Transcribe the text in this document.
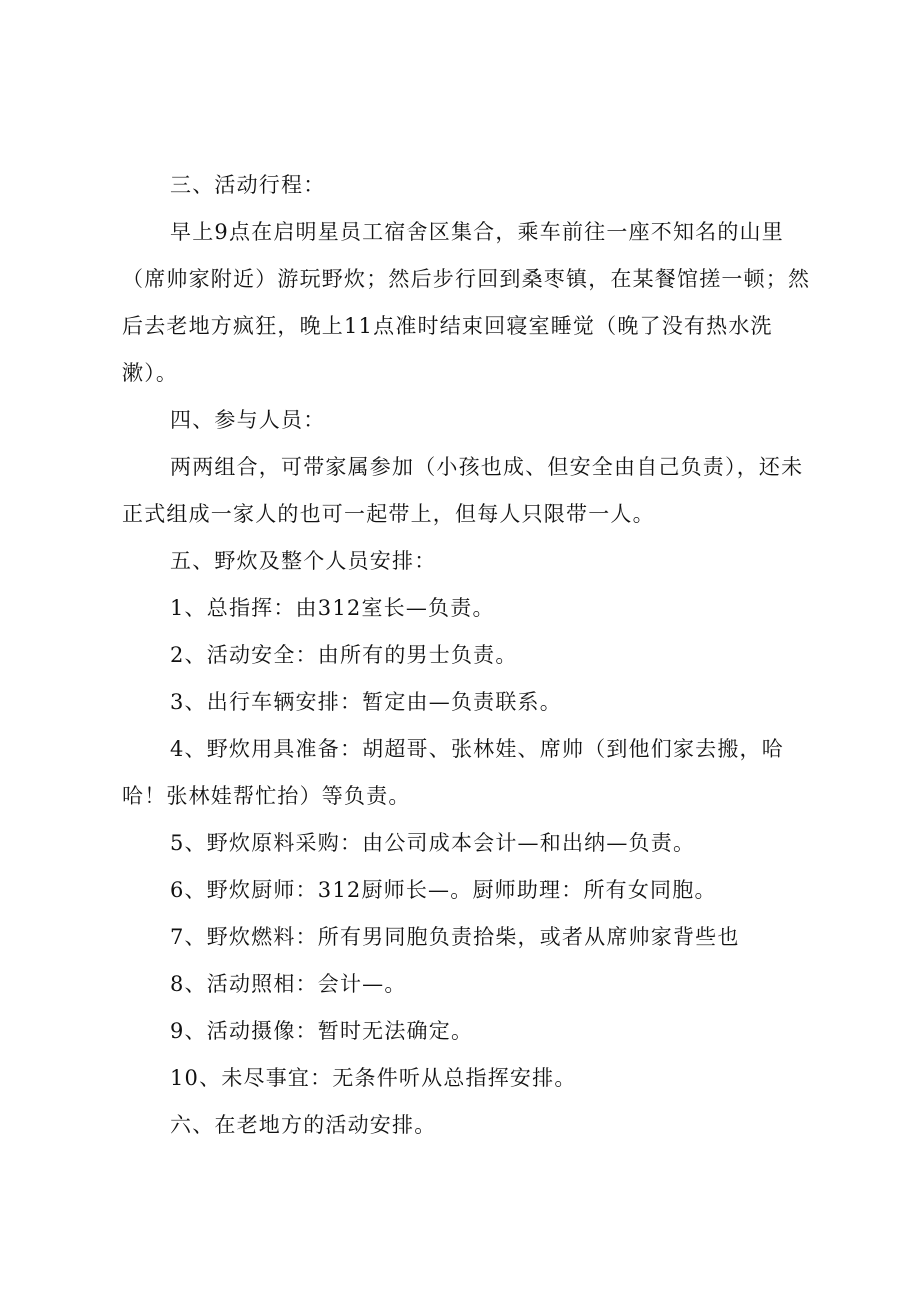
三、活动行程：

早上9点在启明星员工宿舍区集合，乘车前往一座不知名的山里（席帅家附近）游玩野炊；然后步行回到桑枣镇，在某餐馆搓一顿；然后去老地方疯狂，晚上11点准时结束回寝室睡觉（晚了没有热水洗漱）。

四、参与人员：

两两组合，可带家属参加（小孩也成、但安全由自己负责），还未正式组成一家人的也可一起带上，但每人只限带一人。

五、野炊及整个人员安排：

1、总指挥：由312室长—负责。

2、活动安全：由所有的男士负责。

3、出行车辆安排：暂定由—负责联系。

4、野炊用具准备：胡超哥、张林娃、席帅（到他们家去搬，哈哈！张林娃帮忙抬）等负责。

5、野炊原料采购：由公司成本会计—和出纳—负责。

6、野炊厨师：312厨师长—。厨师助理：所有女同胞。

7、野炊燃料：所有男同胞负责拾柴，或者从席帅家背些也

8、活动照相：会计—。

9、活动摄像：暂时无法确定。

10、未尽事宜：无条件听从总指挥安排。

六、在老地方的活动安排。
